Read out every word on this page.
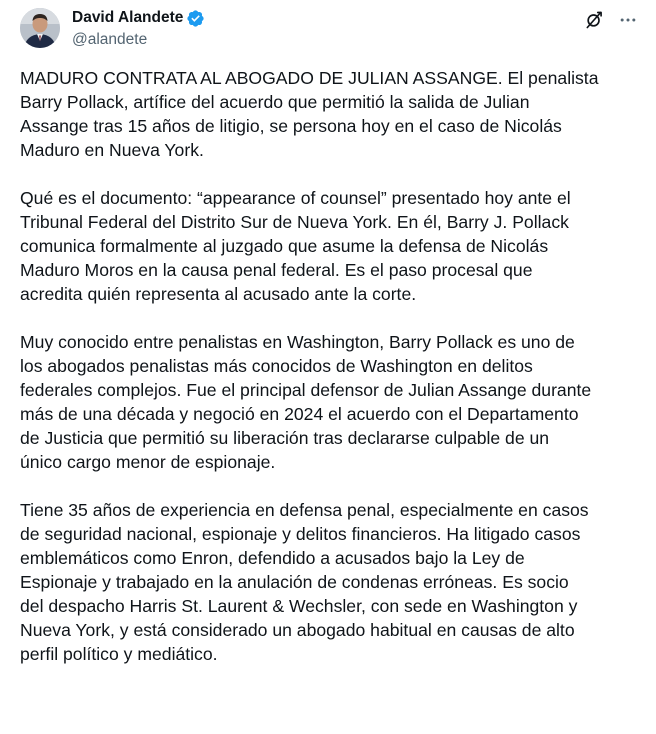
David Alandete
@alandete

MADURO CONTRATA AL ABOGADO DE JULIAN ASSANGE. El penalista
Barry Pollack, artífice del acuerdo que permitió la salida de Julian
Assange tras 15 años de litigio, se persona hoy en el caso de Nicolás
Maduro en Nueva York.

Qué es el documento: “appearance of counsel” presentado hoy ante el
Tribunal Federal del Distrito Sur de Nueva York. En él, Barry J. Pollack
comunica formalmente al juzgado que asume la defensa de Nicolás
Maduro Moros en la causa penal federal. Es el paso procesal que
acredita quién representa al acusado ante la corte.

Muy conocido entre penalistas en Washington, Barry Pollack es uno de
los abogados penalistas más conocidos de Washington en delitos
federales complejos. Fue el principal defensor de Julian Assange durante
más de una década y negoció en 2024 el acuerdo con el Departamento
de Justicia que permitió su liberación tras declararse culpable de un
único cargo menor de espionaje.

Tiene 35 años de experiencia en defensa penal, especialmente en casos
de seguridad nacional, espionaje y delitos financieros. Ha litigado casos
emblemáticos como Enron, defendido a acusados bajo la Ley de
Espionaje y trabajado en la anulación de condenas erróneas. Es socio
del despacho Harris St. Laurent & Wechsler, con sede en Washington y
Nueva York, y está considerado un abogado habitual en causas de alto
perfil político y mediático.
